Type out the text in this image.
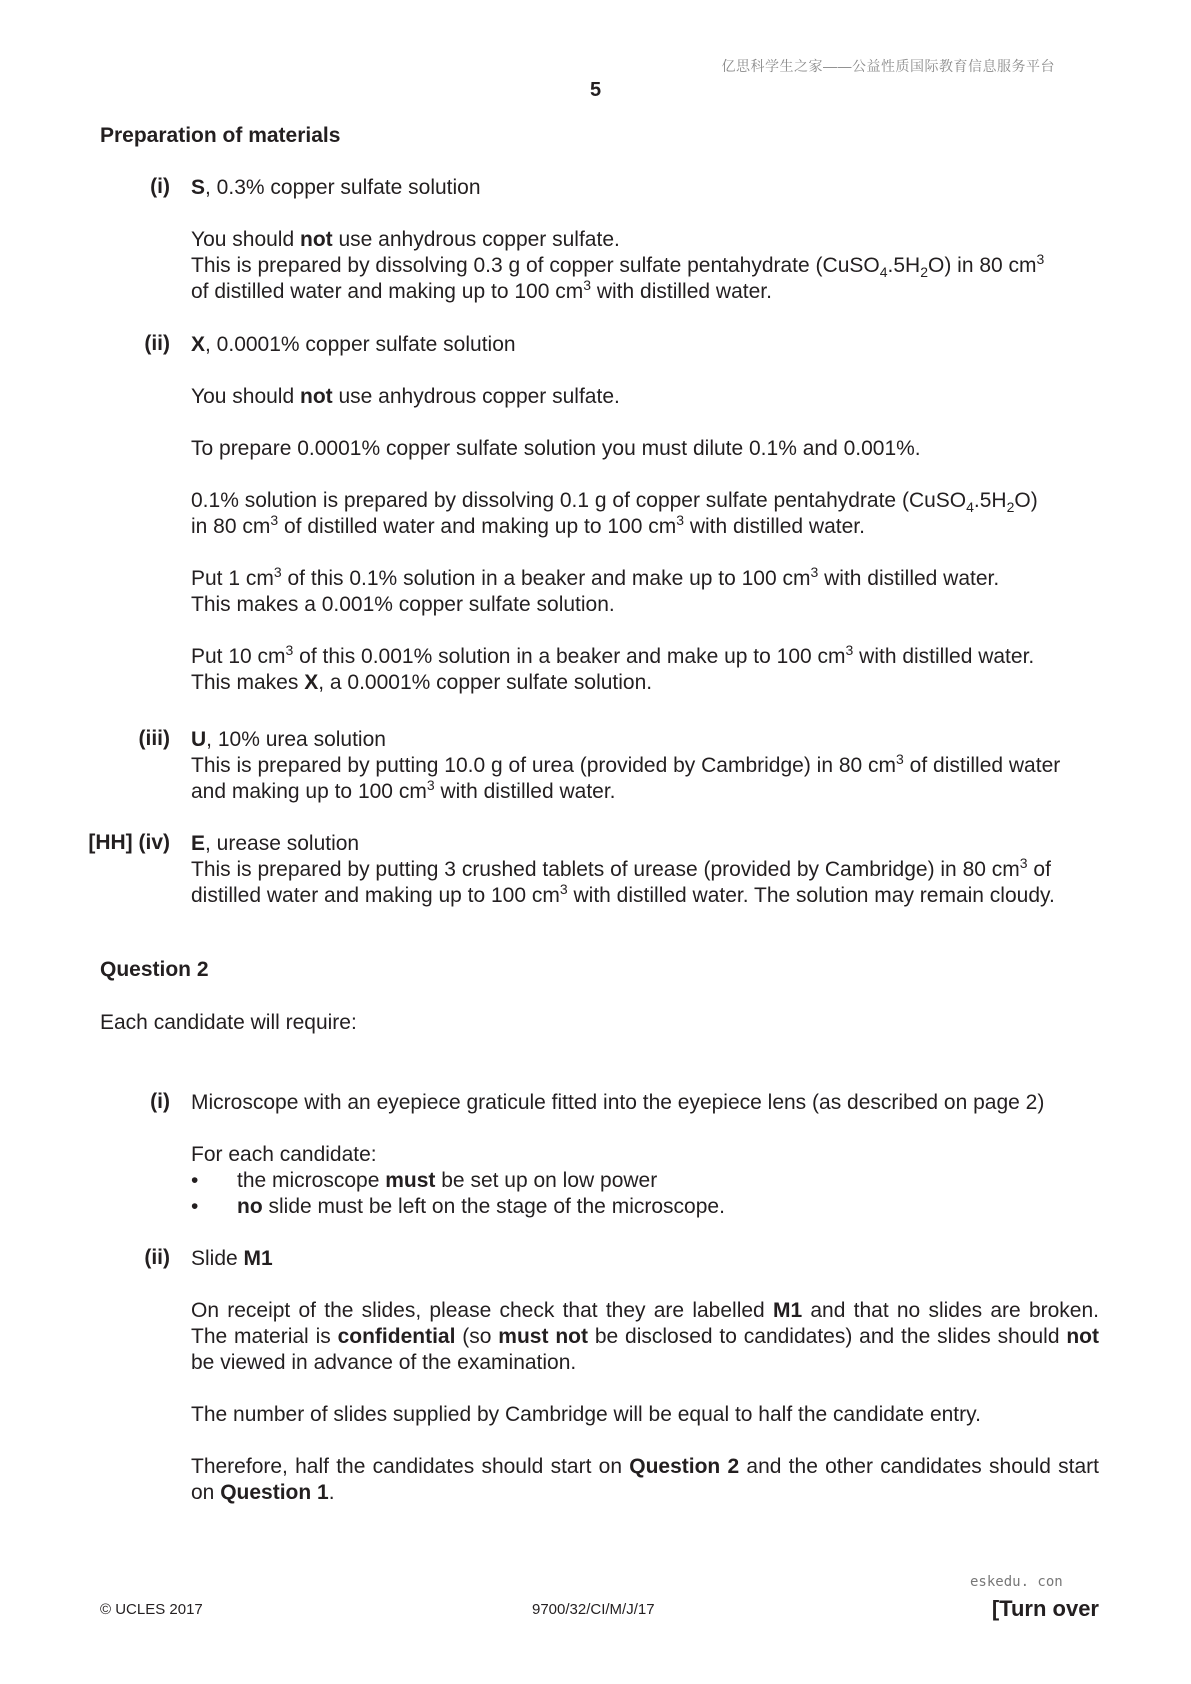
亿思科学生之家——公益性质国际教育信息服务平台
5
Preparation of materials
(i) S, 0.3% copper sulfate solution
You should not use anhydrous copper sulfate.
This is prepared by dissolving 0.3 g of copper sulfate pentahydrate $(CuSO_4.5H_2O)$ in 80 $cm^3$
of distilled water and making up to 100 $cm^3$ with distilled water.
(ii) X, 0.0001% copper sulfate solution
You should not use anhydrous copper sulfate.
To prepare 0.0001% copper sulfate solution you must dilute 0.1% and 0.001%.
0.1% solution is prepared by dissolving 0.1 g of copper sulfate pentahydrate $(CuSO_4.5H_2O)$
in 80 $cm^3$ of distilled water and making up to 100 $cm^3$ with distilled water.
Put 1 $cm^3$ of this 0.1% solution in a beaker and make up to 100 $cm^3$ with distilled water.
This makes a 0.001% copper sulfate solution.
Put 10 $cm^3$ of this 0.001% solution in a beaker and make up to 100 $cm^3$ with distilled water.
This makes X, a 0.0001% copper sulfate solution.
(iii) U, 10% urea solution
This is prepared by putting 10.0 g of urea (provided by Cambridge) in 80 $cm^3$ of distilled water
and making up to 100 $cm^3$ with distilled water.
[HH] (iv) E, urease solution
This is prepared by putting 3 crushed tablets of urease (provided by Cambridge) in 80 $cm^3$ of
distilled water and making up to 100 $cm^3$ with distilled water. The solution may remain cloudy.
Question 2
Each candidate will require:
(i) Microscope with an eyepiece graticule fitted into the eyepiece lens (as described on page 2)
For each candidate:
•	the microscope must be set up on low power
•	no slide must be left on the stage of the microscope.
(ii) Slide M1
On receipt of the slides, please check that they are labelled M1 and that no slides are broken. The material is confidential (so must not be disclosed to candidates) and the slides should not be viewed in advance of the examination.
The number of slides supplied by Cambridge will be equal to half the candidate entry.
Therefore, half the candidates should start on Question 2 and the other candidates should start on Question 1.
eskedu. con
© UCLES 2017	9700/32/CI/M/J/17	[Turn over
